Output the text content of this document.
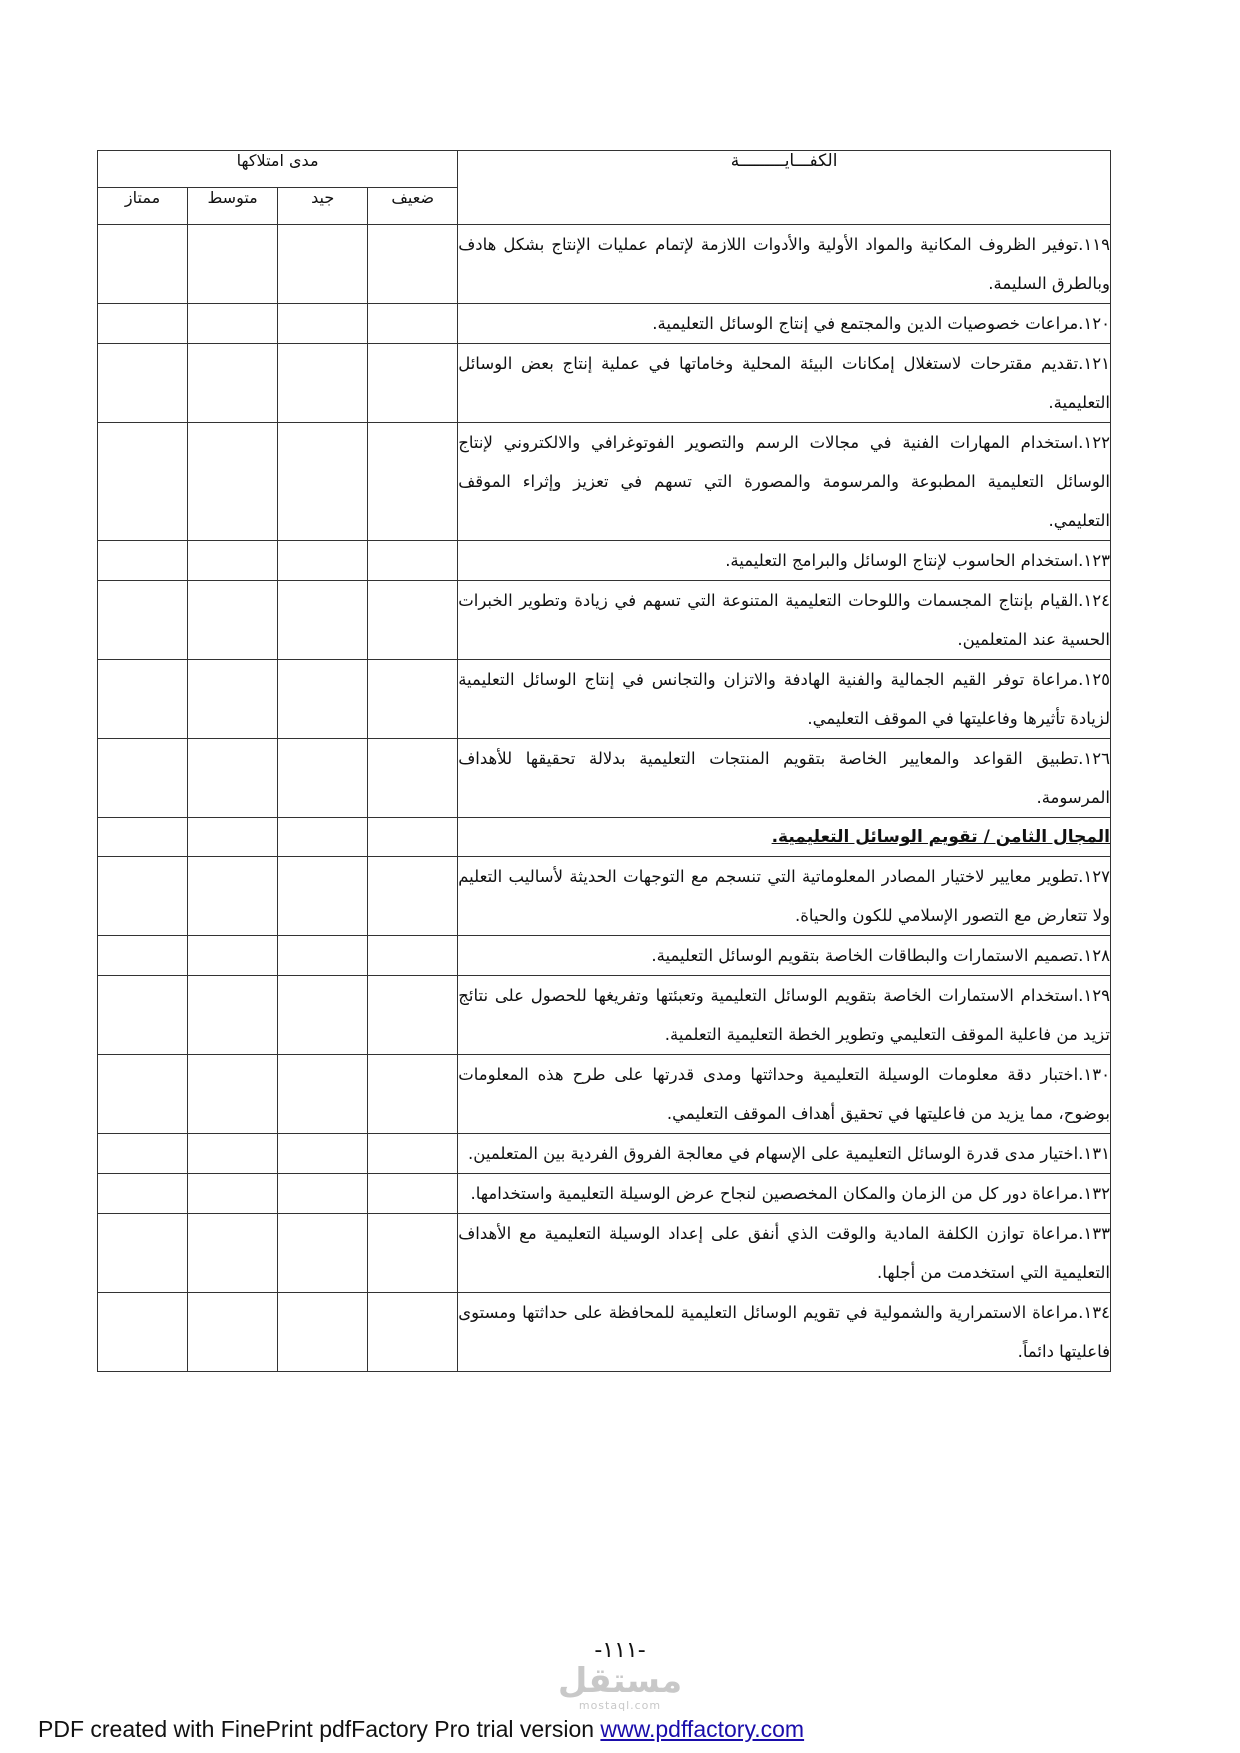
الكفـــايـــــــــة	مدى امتلاكها			
	ضعيف	جيد	متوسط	ممتاز
١١٩.توفير الظروف المكانية والمواد الأولية والأدوات اللازمة لإتمام عمليات الإنتاج بشكل هادف وبالطرق السليمة.				
١٢٠.مراعات خصوصيات الدين والمجتمع في إنتاج الوسائل التعليمية.				
١٢١.تقديم مقترحات لاستغلال إمكانات البيئة المحلية وخاماتها في عملية إنتاج بعض الوسائل التعليمية.				
١٢٢.استخدام المهارات الفنية في مجالات الرسم والتصوير الفوتوغرافي والالكتروني لإنتاج الوسائل التعليمية المطبوعة والمرسومة والمصورة التي تسهم في تعزيز وإثراء الموقف التعليمي.				
١٢٣.استخدام الحاسوب لإنتاج الوسائل والبرامج التعليمية.				
١٢٤.القيام بإنتاج المجسمات واللوحات التعليمية المتنوعة التي تسهم في زيادة وتطوير الخبرات الحسية عند المتعلمين.				
١٢٥.مراعاة توفر القيم الجمالية والفنية الهادفة والاتزان والتجانس في إنتاج الوسائل التعليمية لزيادة تأثيرها وفاعليتها في الموقف التعليمي.				
١٢٦.تطبيق القواعد والمعايير الخاصة بتقويم المنتجات التعليمية بدلالة تحقيقها للأهداف المرسومة.				
المجال الثامن / تقويم الوسائل التعليمية.				
١٢٧.تطوير معايير لاختيار المصادر المعلوماتية التي تنسجم مع التوجهات الحديثة لأساليب التعليم ولا تتعارض مع التصور الإسلامي للكون والحياة.				
١٢٨.تصميم الاستمارات والبطاقات الخاصة بتقويم الوسائل التعليمية.				
١٢٩.استخدام الاستمارات الخاصة بتقويم الوسائل التعليمية وتعبئتها وتفريغها للحصول على نتائج تزيد من فاعلية الموقف التعليمي وتطوير الخطة التعليمية التعلمية.				
١٣٠.اختبار دقة معلومات الوسيلة التعليمية وحداثتها ومدى قدرتها على طرح هذه المعلومات بوضوح، مما يزيد من فاعليتها في تحقيق أهداف الموقف التعليمي.				
١٣١.اختيار مدى قدرة الوسائل التعليمية على الإسهام في معالجة الفروق الفردية بين المتعلمين.				
١٣٢.مراعاة دور كل من الزمان والمكان المخصصين لنجاح عرض الوسيلة التعليمية واستخدامها.				
١٣٣.مراعاة توازن الكلفة المادية والوقت الذي أنفق على إعداد الوسيلة التعليمية مع الأهداف التعليمية التي استخدمت من أجلها.				
١٣٤.مراعاة الاستمرارية والشمولية في تقويم الوسائل التعليمية للمحافظة على حداثتها ومستوى فاعليتها دائماً.				
-١١١-
مستقل
mostaql.com
PDF created with FinePrint pdfFactory Pro trial version www.pdffactory.com
